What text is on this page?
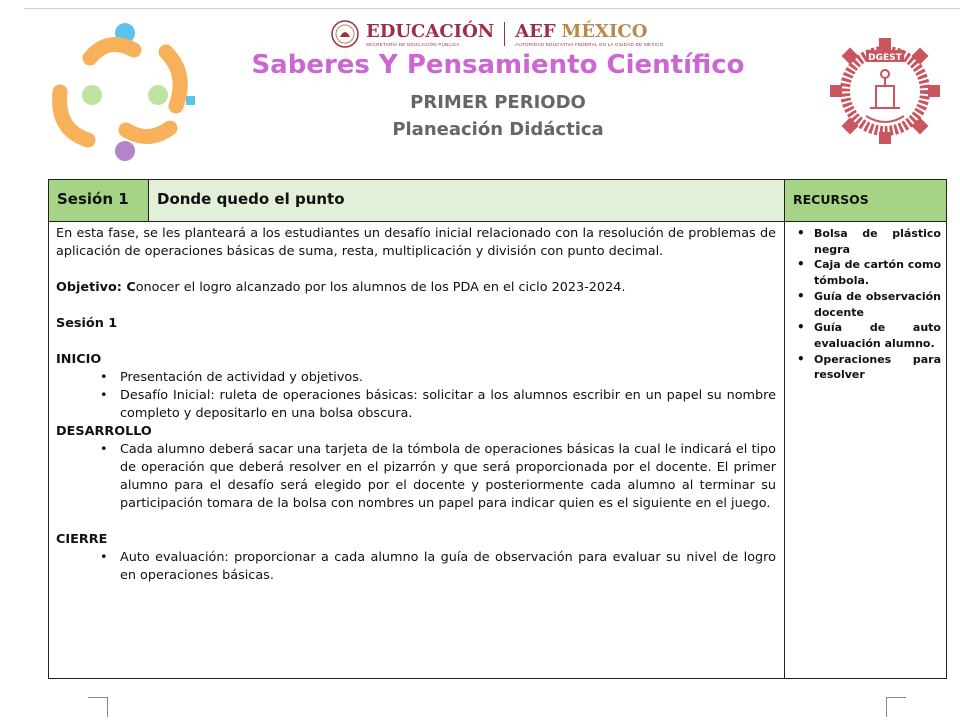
EDUCACIÓN
SECRETARÍA DE EDUCACIÓN PÚBLICA
AEF MÉXICO
AUTORIDAD EDUCATIVA FEDERAL EN LA CIUDAD DE MÉXICO
Saberes Y Pensamiento Científico
PRIMER PERIODO
Planeación Didáctica
DGEST
Sesión 1	Donde quedo el punto	RECURSOS

En esta fase, se les planteará a los estudiantes un desafío inicial relacionado con la resolución de problemas de aplicación de operaciones básicas de suma, resta, multiplicación y división con punto decimal.

Objetivo: Conocer el logro alcanzado por los alumnos de los PDA en el ciclo 2023-2024.

Sesión 1

INICIO

• Presentación de actividad y objetivos.
• Desafío Inicial: ruleta de operaciones básicas: solicitar a los alumnos escribir en un papel su nombre completo y depositarlo en una bolsa obscura.

DESARROLLO

• Cada alumno deberá sacar una tarjeta de la tómbola de operaciones básicas la cual le indicará el tipo de operación que deberá resolver en el pizarrón y que será proporcionada por el docente. El primer alumno para el desafío será elegido por el docente y posteriormente cada alumno al terminar su participación tomara de la bolsa con nombres un papel para indicar quien es el siguiente en el juego.

CIERRE

• Auto evaluación: proporcionar a cada alumno la guía de observación para evaluar su nivel de logro en operaciones básicas.
• Bolsa de plástico negra
• Caja de cartón como tómbola.
• Guía de observación docente
• Guía de auto evaluación alumno.
• Operaciones para resolver
